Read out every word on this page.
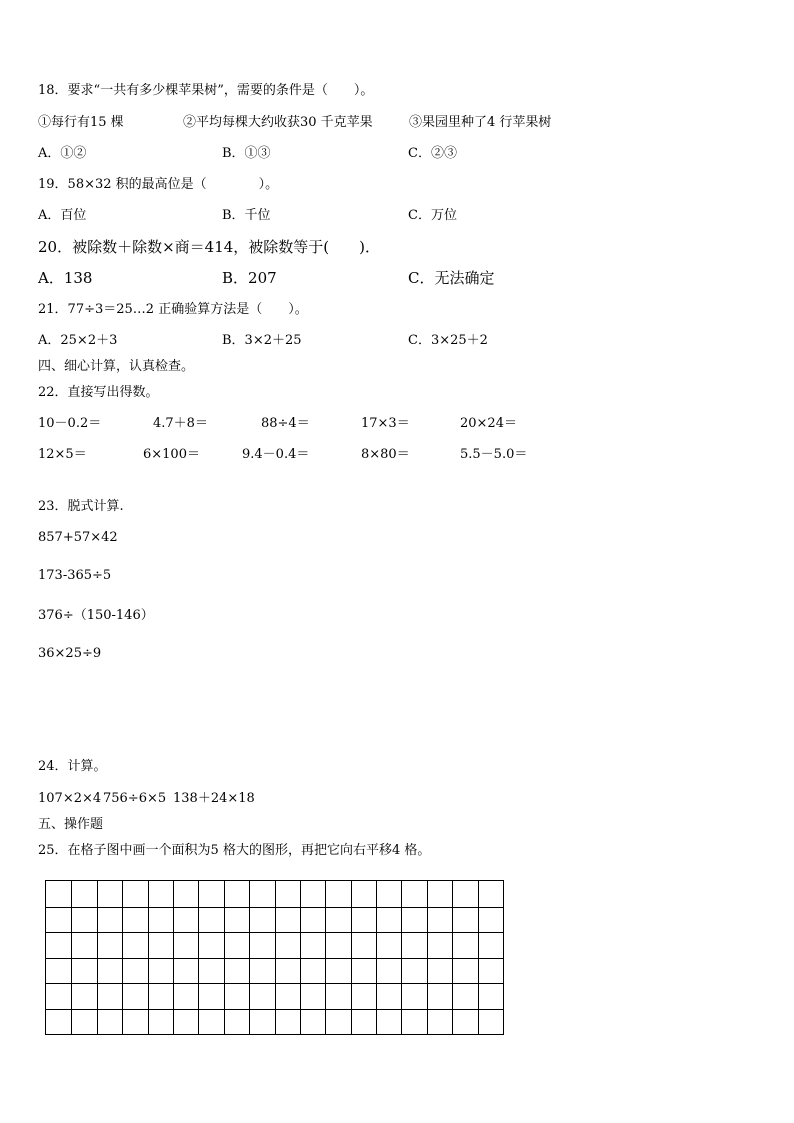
18．要求“一共有多少棵苹果树”，需要的条件是（　　）。
①每行有15 棵	②平均每棵大约收获30 千克苹果	③果园里种了4 行苹果树
A．①②	B．①③	C．②③
19．58×32 积的最高位是（　　　　）。
A．百位	B．千位	C．万位
20．被除数＋除数×商＝414，被除数等于(　　)．
A．138	B．207	C．无法确定
21．77÷3＝25…2 正确验算方法是（　　）。
A．25×2＋3	B．3×2＋25	C．3×25＋2
四、细心计算，认真检查。
22．直接写出得数。
10－0.2＝	4.7＋8＝	88÷4＝	17×3＝	20×24＝
12×5＝	6×100＝	9.4－0.4＝	8×80＝	5.5－5.0＝
23．脱式计算.
857+57×42
173-365÷5
376÷（150-146）
36×25÷9
24．计算。
107×2×4 756÷6×5 138＋24×18
五、操作题
25．在格子图中画一个面积为5 格大的图形，再把它向右平移4 格。
